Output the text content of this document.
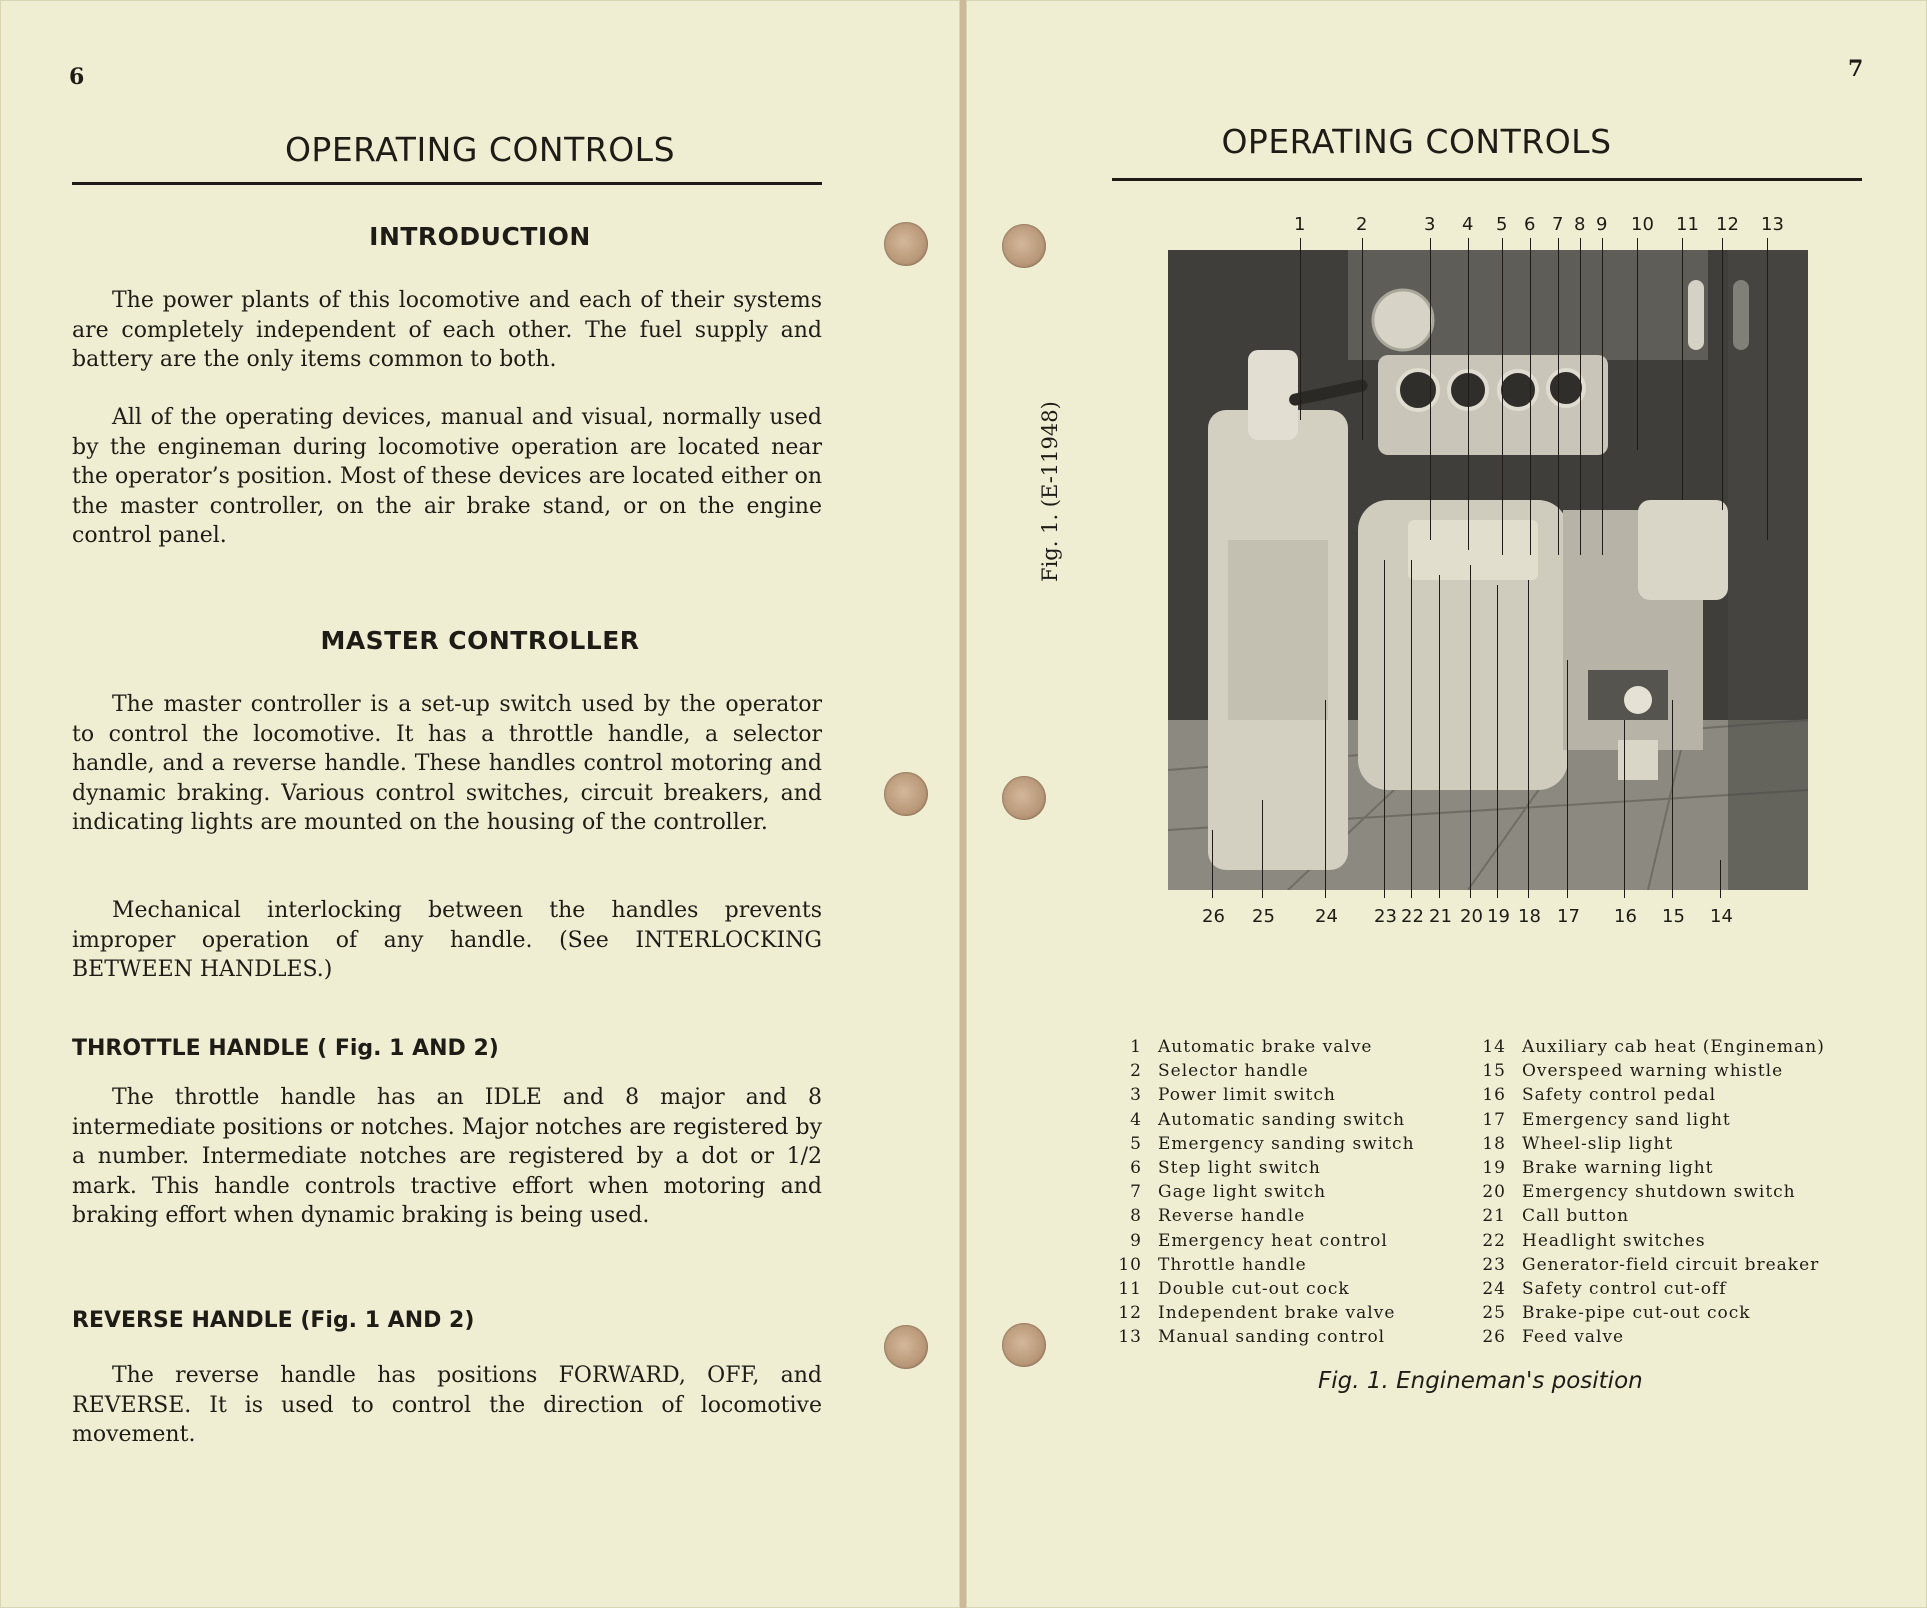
6
OPERATING CONTROLS
INTRODUCTION
The power plants of this locomotive and each of their systems are completely independent of each other. The fuel supply and battery are the only items common to both.
All of the operating devices, manual and visual, normally used by the engineman during locomotive operation are located near the operator’s position. Most of these devices are located either on the master controller, on the air brake stand, or on the engine control panel.
MASTER CONTROLLER
The master controller is a set-up switch used by the operator to control the locomotive. It has a throttle handle, a selector handle, and a reverse handle. These handles control motoring and dynamic braking. Various control switches, circuit breakers, and indicating lights are mounted on the housing of the controller.
Mechanical interlocking between the handles prevents improper operation of any handle. (See INTERLOCKING BETWEEN HANDLES.)
THROTTLE HANDLE ( Fig. 1 AND 2)
The throttle handle has an IDLE and 8 major and 8 intermediate positions or notches. Major notches are registered by a number. Intermediate notches are registered by a dot or 1/2 mark. This handle controls tractive effort when motoring and braking effort when dynamic braking is being used.
REVERSE HANDLE (Fig. 1 AND 2)
The reverse handle has positions FORWARD, OFF, and REVERSE. It is used to control the direction of locomotive movement.
7
OPERATING CONTROLS
Fig. 1. (E-11948)
1	2	3 4 5 6 7 8 9 10 11 12 13
26 25 24 23 22 21 20 19 18 17 16 15 14
1 Automatic brake valve
2 Selector handle
3 Power limit switch
4 Automatic sanding switch
5 Emergency sanding switch
6 Step light switch
7 Gage light switch
8 Reverse handle
9 Emergency heat control
10 Throttle handle
11 Double cut-out cock
12 Independent brake valve
13 Manual sanding control
14 Auxiliary cab heat (Engineman)
15 Overspeed warning whistle
16 Safety control pedal
17 Emergency sand light
18 Wheel-slip light
19 Brake warning light
20 Emergency shutdown switch
21 Call button
22 Headlight switches
23 Generator-field circuit breaker
24 Safety control cut-off
25 Brake-pipe cut-out cock
26 Feed valve
Fig. 1. Engineman's position
